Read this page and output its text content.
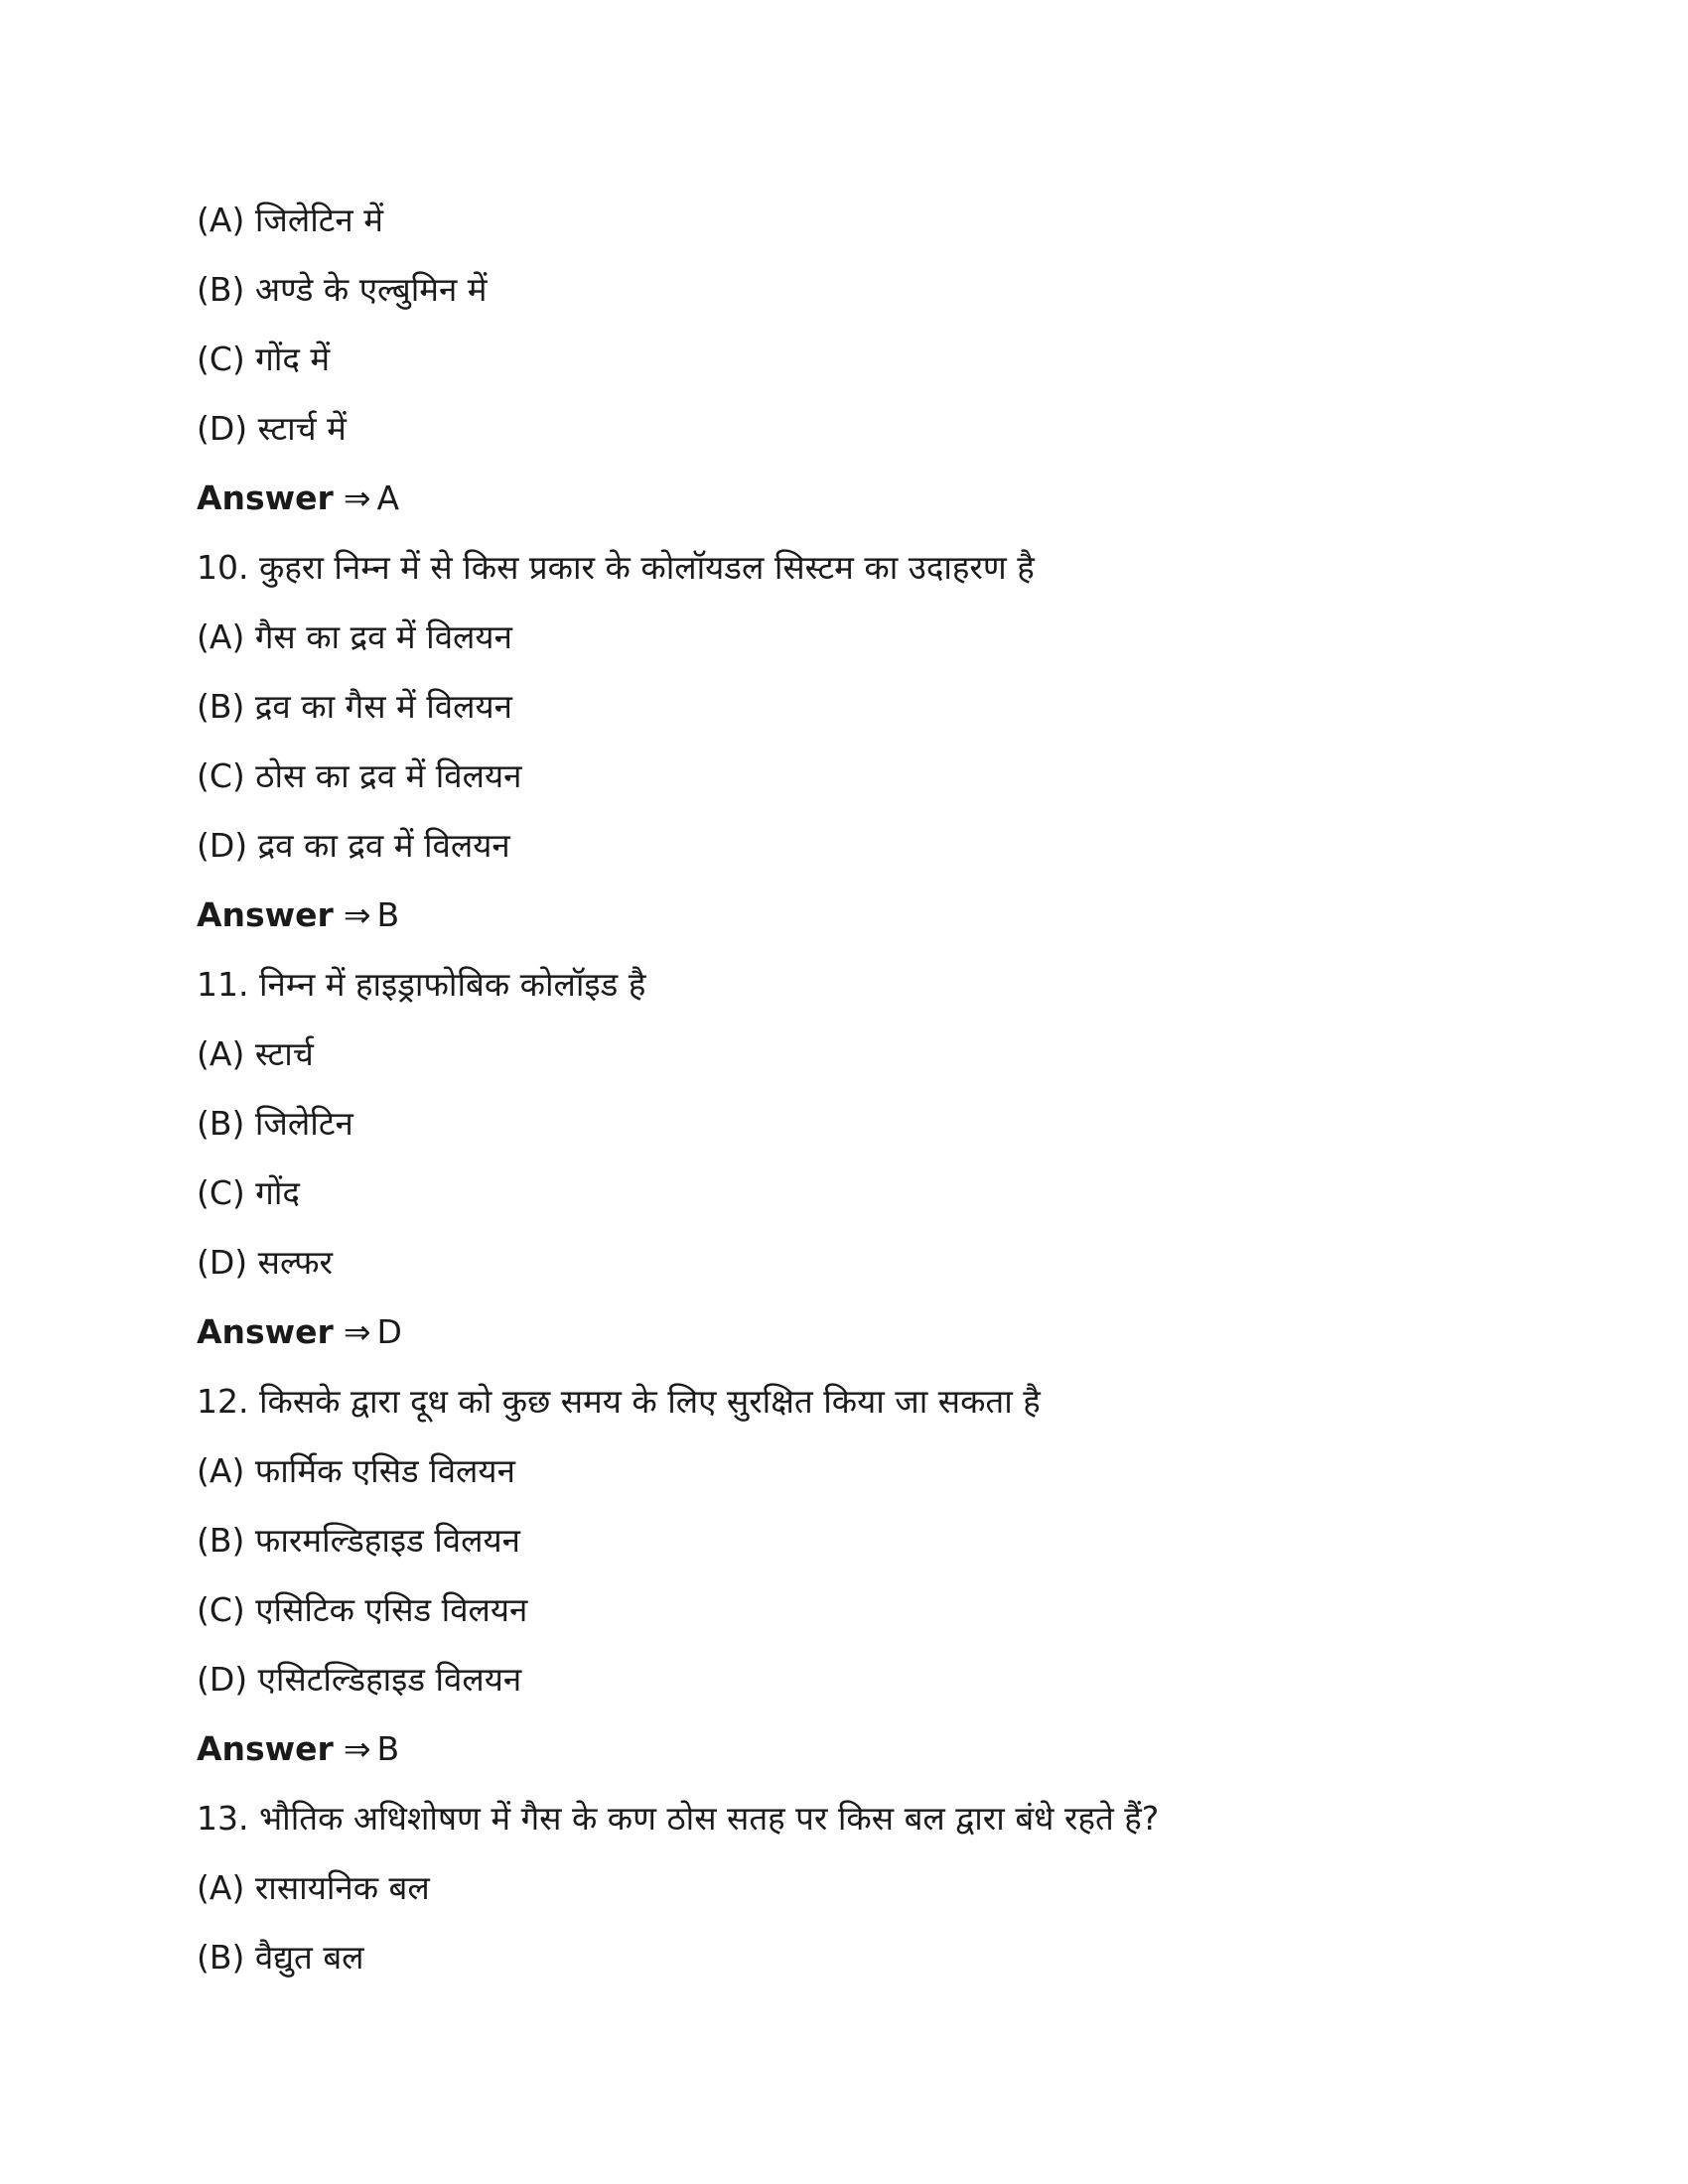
(A) जिलेटिन में
(B) अण्डे के एल्बुमिन में
(C) गोंद में
(D) स्टार्च में
Answer ⇒ A
10. कुहरा निम्न में से किस प्रकार के कोलॉयडल सिस्टम का उदाहरण है
(A) गैस का द्रव में विलयन
(B) द्रव का गैस में विलयन
(C) ठोस का द्रव में विलयन
(D) द्रव का द्रव में विलयन
Answer ⇒ B
11. निम्न में हाइड्राफोबिक कोलॉइड है
(A) स्टार्च
(B) जिलेटिन
(C) गोंद
(D) सल्फर
Answer ⇒ D
12. किसके द्वारा दूध को कुछ समय के लिए सुरक्षित किया जा सकता है
(A) फार्मिक एसिड विलयन
(B) फारमल्डिहाइड विलयन
(C) एसिटिक एसिड विलयन
(D) एसिटल्डिहाइड विलयन
Answer ⇒ B
13. भौतिक अधिशोषण में गैस के कण ठोस सतह पर किस बल द्वारा बंधे रहते हैं?
(A) रासायनिक बल
(B) वैद्युत बल
